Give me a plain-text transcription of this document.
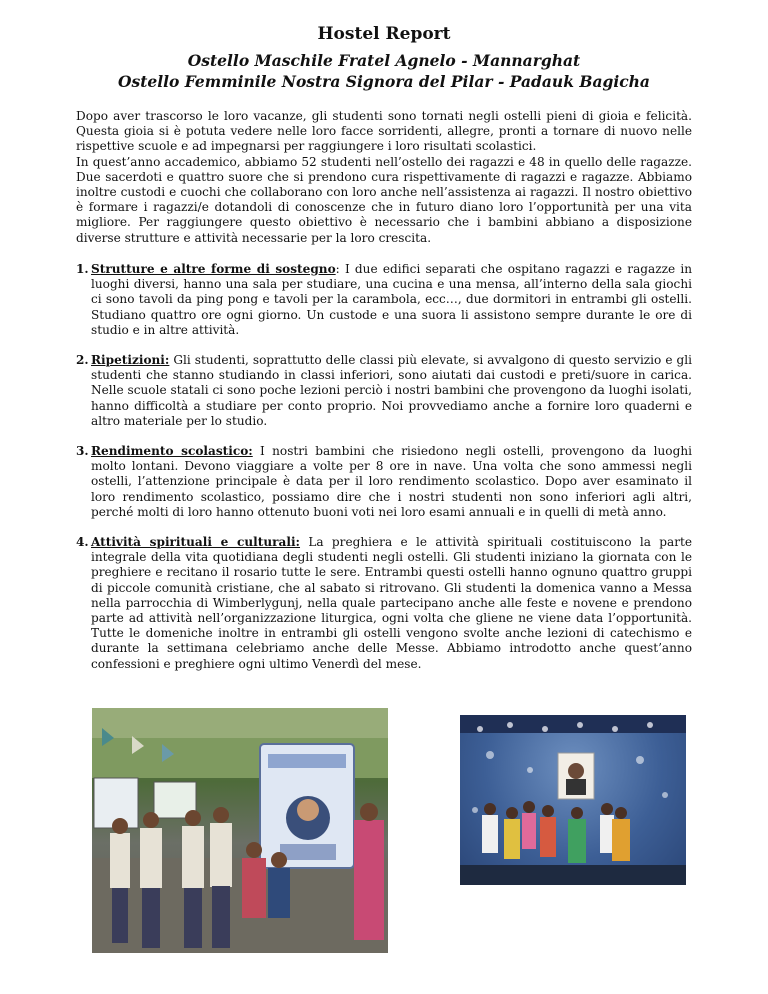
Hostel Report
Ostello Maschile Fratel Agnelo - Mannarghat
Ostello Femminile Nostra Signora del Pilar - Padauk Bagicha

Dopo aver trascorso le loro vacanze, gli studenti sono tornati negli ostelli pieni di gioia e felicità. Questa gioia si è potuta vedere nelle loro facce sorridenti, allegre, pronti a tornare di nuovo nelle rispettive scuole e ad impegnarsi per raggiungere i loro risultati scolastici.

In quest’anno accademico, abbiamo 52 studenti nell’ostello dei ragazzi e 48 in quello delle ragazze. Due sacerdoti e quattro suore che si prendono cura rispettivamente di ragazzi e ragazze. Abbiamo inoltre custodi e cuochi che collaborano con loro anche nell’assistenza ai ragazzi. Il nostro obiettivo è formare i ragazzi/e dotandoli di conoscenze che in futuro diano loro l’opportunità per una vita migliore. Per raggiungere questo obiettivo è necessario che i bambini abbiano a disposizione diverse strutture e attività necessarie per la loro crescita.

1. Strutture e altre forme di sostegno: I due edifici separati che ospitano ragazzi e ragazze in luoghi diversi, hanno una sala per studiare, una cucina e una mensa, all’interno della sala giochi ci sono tavoli da ping pong e tavoli per la carambola, ecc…, due dormitori in entrambi gli ostelli. Studiano quattro ore ogni giorno. Un custode e una suora li assistono sempre durante le ore di studio e in altre attività.
2. Ripetizioni: Gli studenti, soprattutto delle classi più elevate, si avvalgono di questo servizio e gli studenti che stanno studiando in classi inferiori, sono aiutati dai custodi e preti/suore in carica. Nelle scuole statali ci sono poche lezioni perciò i nostri bambini che provengono da luoghi isolati, hanno difficoltà a studiare per conto proprio. Noi provvediamo anche a fornire loro quaderni e altro materiale per lo studio.
3. Rendimento scolastico: I nostri bambini che risiedono negli ostelli, provengono da luoghi molto lontani. Devono viaggiare a volte per 8 ore in nave. Una volta che sono ammessi negli ostelli, l’attenzione principale è data per il loro rendimento scolastico. Dopo aver esaminato il loro rendimento scolastico, possiamo dire che i nostri studenti non sono inferiori agli altri, perché molti di loro hanno ottenuto buoni voti nei loro esami annuali e in quelli di metà anno.
4. Attività spirituali e culturali: La preghiera e le attività spirituali costituiscono la parte integrale della vita quotidiana degli studenti negli ostelli. Gli studenti iniziano la giornata con le preghiere e recitano il rosario tutte le sere. Entrambi questi ostelli hanno ognuno quattro gruppi di piccole comunità cristiane, che al sabato si ritrovano. Gli studenti la domenica vanno a Messa nella parrocchia di Wimberlygunj, nella quale partecipano anche alle feste e novene e prendono parte ad attività nell’organizzazione liturgica, ogni volta che gliene ne viene data l’opportunità. Tutte le domeniche inoltre in entrambi gli ostelli vengono svolte anche lezioni di catechismo e durante la settimana celebriamo anche delle Messe. Abbiamo introdotto anche quest’anno confessioni e preghiere ogni ultimo Venerdì del mese.
